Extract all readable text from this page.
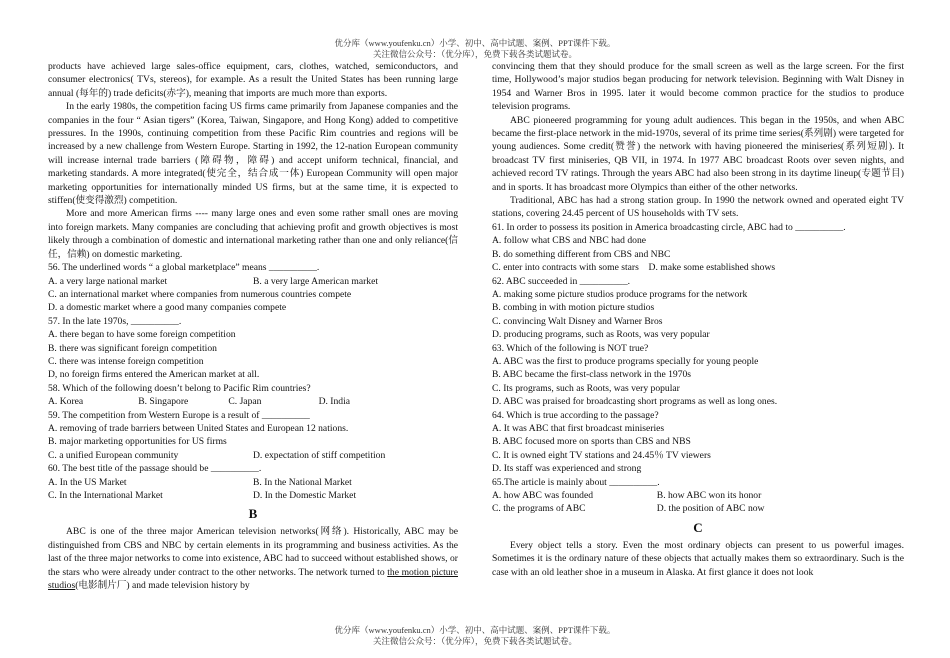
优分库（www.youfenku.cn）小学、初中、高中试题、案例、PPT课件下载。
关注微信公众号：（优分库），免费下载各类试题试卷。

products have achieved large sales-office equipment, cars, clothes, watched, semiconductors, and consumer electronics( TVs, stereos), for example. As a result the United States has been running large annual (每年的) trade deficits(赤字), meaning that imports are much more than exports.

In the early 1980s, the competition facing US firms came primarily from Japanese companies and the companies in the four “ Asian tigers” (Korea, Taiwan, Singapore, and Hong Kong) added to competitive pressures. In the 1990s, continuing competition from these Pacific Rim countries and regions will be increased by a new challenge from Western Europe. Starting in 1992, the 12-nation European community will increase internal trade barriers (障碍物，障碍) and accept uniform technical, financial, and marketing standards. A more integrated(使完全，结合成一体) European Community will open major marketing opportunities for internationally minded US firms, but at the same time, it is expected to stiffen(使变得激烈) competition.

More and more American firms ---- many large ones and even some rather small ones are moving into foreign markets. Many companies are concluding that achieving profit and growth objectives is most likely through a combination of domestic and international marketing rather than one and only reliance(信任，信赖) on domestic marketing.

56. The underlined words “ a global marketplace” means __________.

A. a very large national market	B. a very large American market

C. an international market where companies from numerous countries compete

D. a domestic market where a good many companies compete

57. In the late 1970s, __________.

A. there began to have some foreign competition

B. there was significant foreign competition

C. there was intense foreign competition

D, no foreign firms entered the American market at all.

58. Which of the following doesn’t belong to Pacific Rim countries?

A. Korea	B. Singapore	C. Japan	D. India

59. The competition from Western Europe is a result of __________

A. removing of trade barriers between United States and European 12 nations.

B. major marketing opportunities for US firms

C. a unified European community	D. expectation of stiff competition

60. The best title of the passage should be __________.

A. In the US Market	B. In the National Market
C. In the International Market	D. In the Domestic Market
B

ABC is one of the three major American television networks(网络). Historically, ABC may be distinguished from CBS and NBC by certain elements in its programming and business activities. As the last of the three major networks to come into existence, ABC had to succeed without established shows, or the stars who were already under contract to the other networks. The network turned to the motion picture studios(电影制片厂) and made television history by

convincing them that they should produce for the small screen as well as the large screen. For the first time, Hollywood’s major studios began producing for network television. Beginning with Walt Disney in 1954 and Warner Bros in 1995. later it would become common practice for the studios to produce television programs.

ABC pioneered programming for young adult audiences. This began in the 1950s, and when ABC became the first-place network in the mid-1970s, several of its prime time series(系列剧) were targeted for young audiences. Some credit(赞誉) the network with having pioneered the miniseries(系列短剧). It broadcast TV first miniseries, QB VII, in 1974. In 1977 ABC broadcast Roots over seven nights, and achieved record TV ratings. Through the years ABC had also been strong in its daytime lineup(专题节目) and in sports. It has broadcast more Olympics than either of the other networks.

Traditional, ABC has had a strong station group. In 1990 the network owned and operated eight TV stations, covering 24.45 percent of US households with TV sets.

61. In order to possess its position in America broadcasting circle, ABC had to __________.

A. follow what CBS and NBC had done

B. do something different from CBS and NBC

C. enter into contracts with some stars	D. make some established shows

62. ABC succeeded in __________.

A. making some picture studios produce programs for the network

B. combing in with motion picture studios

C. convincing Walt Disney and Warner Bros

D. producing programs, such as Roots, was very popular

63. Which of the following is NOT true?

A. ABC was the first to produce programs specially for young people

B. ABC became the first-class network in the 1970s

C. Its programs, such as Roots, was very popular

D. ABC was praised for broadcasting short programs as well as long ones.

64. Which is true according to the passage?

A. It was ABC that first broadcast miniseries

B. ABC focused more on sports than CBS and NBS

C. It is owned eight TV stations and 24.45％ TV viewers

D. Its staff was experienced and strong

65.The article is mainly about __________.

A. how ABC was founded	B. how ABC won its honor
C. the programs of ABC	D. the position of ABC now
C

Every object tells a story. Even the most ordinary objects can present to us powerful images. Sometimes it is the ordinary nature of these objects that actually makes them so extraordinary. Such is the case with an old leather shoe in a museum in Alaska. At first glance it does not look

优分库（www.youfenku.cn）小学、初中、高中试题、案例、PPT课件下载。
关注微信公众号：（优分库），免费下载各类试题试卷。
